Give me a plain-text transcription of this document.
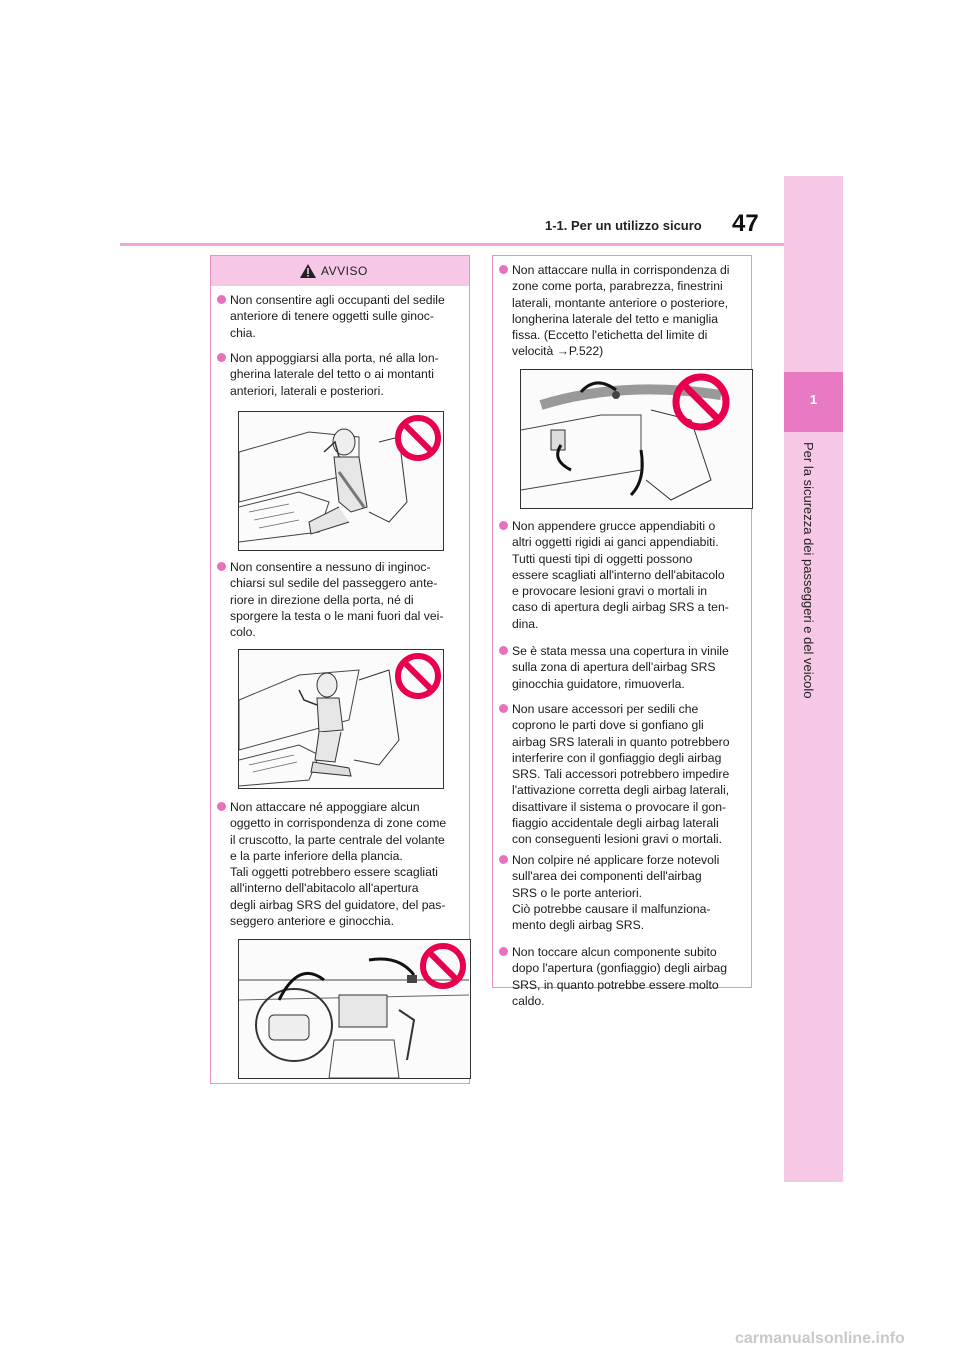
1-1. Per un utilizzo sicuro 47
1
Per la sicurezza dei passeggeri e del veicolo
AVVISO
Non consentire agli occupanti del sedile
anteriore di tenere oggetti sulle ginoc-
chia.
Non appoggiarsi alla porta, né alla lon-
gherina laterale del tetto o ai montanti
anteriori, laterali e posteriori.
Non consentire a nessuno di inginoc-
chiarsi sul sedile del passeggero ante-
riore in direzione della porta, né di
sporgere la testa o le mani fuori dal vei-
colo.
Non attaccare né appoggiare alcun
oggetto in corrispondenza di zone come
il cruscotto, la parte centrale del volante
e la parte inferiore della plancia.
Tali oggetti potrebbero essere scagliati
all'interno dell'abitacolo all'apertura
degli airbag SRS del guidatore, del pas-
seggero anteriore e ginocchia.
Non attaccare nulla in corrispondenza di
zone come porta, parabrezza, finestrini
laterali, montante anteriore o posteriore,
longherina laterale del tetto e maniglia
fissa. (Eccetto l'etichetta del limite di
velocità →P.522)
Non appendere grucce appendiabiti o
altri oggetti rigidi ai ganci appendiabiti.
Tutti questi tipi di oggetti possono
essere scagliati all'interno dell'abitacolo
e provocare lesioni gravi o mortali in
caso di apertura degli airbag SRS a ten-
dina.
Se è stata messa una copertura in vinile
sulla zona di apertura dell'airbag SRS
ginocchia guidatore, rimuoverla.
Non usare accessori per sedili che
coprono le parti dove si gonfiano gli
airbag SRS laterali in quanto potrebbero
interferire con il gonfiaggio degli airbag
SRS. Tali accessori potrebbero impedire
l'attivazione corretta degli airbag laterali,
disattivare il sistema o provocare il gon-
fiaggio accidentale degli airbag laterali
con conseguenti lesioni gravi o mortali.
Non colpire né applicare forze notevoli
sull'area dei componenti dell'airbag
SRS o le porte anteriori.
Ciò potrebbe causare il malfunziona-
mento degli airbag SRS.
Non toccare alcun componente subito
dopo l'apertura (gonfiaggio) degli airbag
SRS, in quanto potrebbe essere molto
caldo.
carmanualsonline.info
